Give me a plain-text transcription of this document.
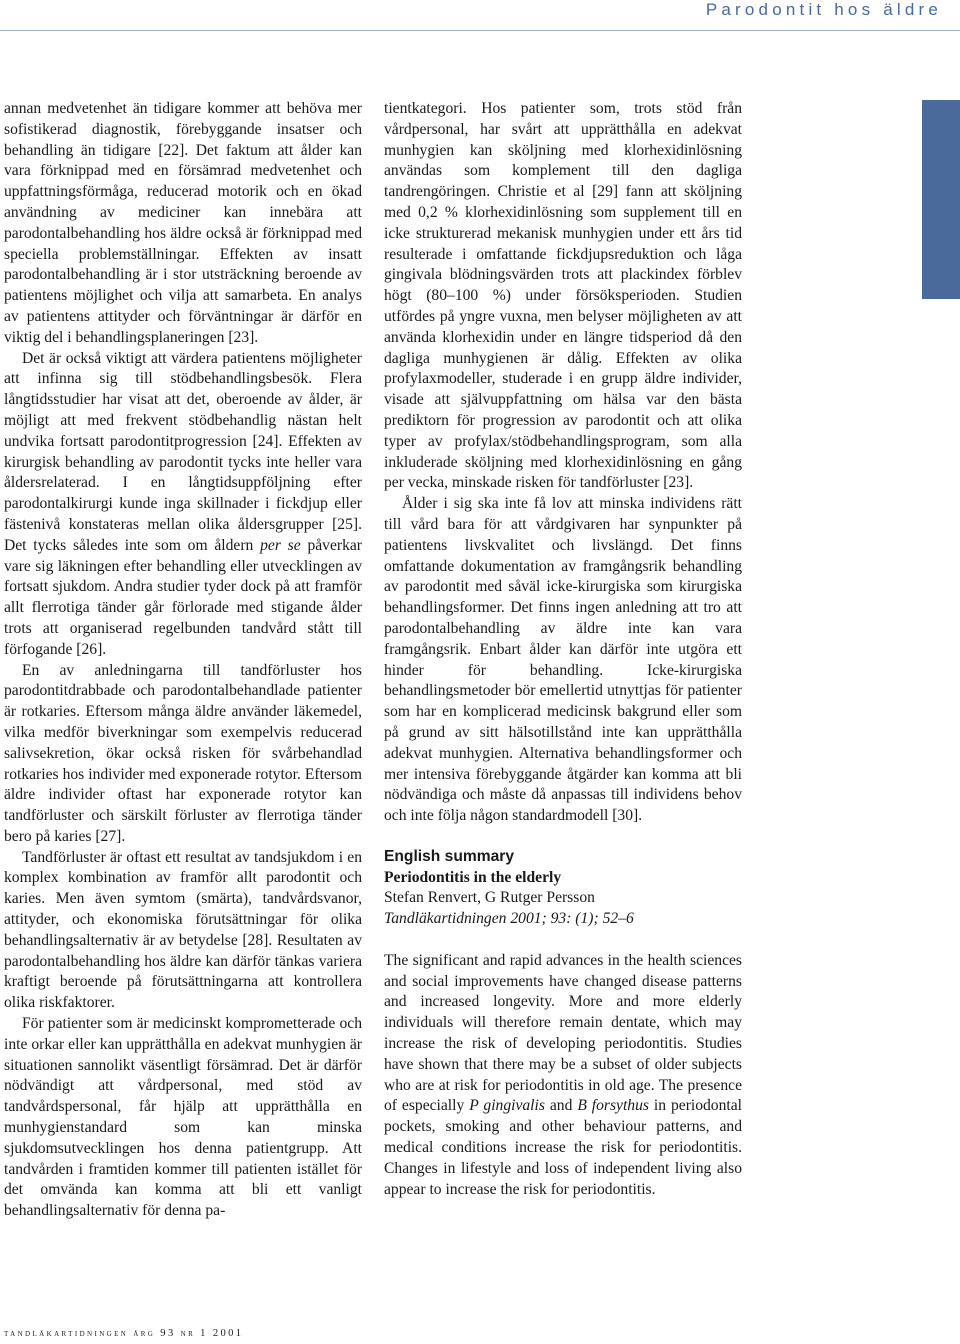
Parodontit hos äldre

annan medvetenhet än tidigare kommer att behöva mer sofistikerad diagnostik, förebyggande insatser och behandling än tidigare [22]. Det faktum att ålder kan vara förknippad med en försämrad medvetenhet och uppfattningsförmåga, reducerad motorik och en ökad användning av mediciner kan innebära att parodontalbehandling hos äldre också är förknippad med speciella problemställningar. Effekten av insatt parodontalbehandling är i stor utsträckning beroende av patientens möjlighet och vilja att samarbeta. En analys av patientens attityder och förväntningar är därför en viktig del i behandlingsplaneringen [23].

Det är också viktigt att värdera patientens möjligheter att infinna sig till stödbehandlingsbesök. Flera långtidsstudier har visat att det, oberoende av ålder, är möjligt att med frekvent stödbehandlig nästan helt undvika fortsatt parodontitprogression [24]. Effekten av kirurgisk behandling av parodontit tycks inte heller vara åldersrelaterad. I en långtidsuppföljning efter parodontalkirurgi kunde inga skillnader i fickdjup eller fästenivå konstateras mellan olika åldersgrupper [25]. Det tycks således inte som om åldern per se påverkar vare sig läkningen efter behandling eller utvecklingen av fortsatt sjukdom. Andra studier tyder dock på att framför allt flerrotiga tänder går förlorade med stigande ålder trots att organiserad regelbunden tandvård stått till förfogande [26].

En av anledningarna till tandförluster hos parodontitdrabbade och parodontalbehandlade patienter är rotkaries. Eftersom många äldre använder läkemedel, vilka medför biverkningar som exempelvis reducerad salivsekretion, ökar också risken för svårbehandlad rotkaries hos individer med exponerade rotytor. Eftersom äldre individer oftast har exponerade rotytor kan tandförluster och särskilt förluster av flerrotiga tänder bero på karies [27].

Tandförluster är oftast ett resultat av tandsjukdom i en komplex kombination av framför allt parodontit och karies. Men även symtom (smärta), tandvårdsvanor, attityder, och ekonomiska förutsättningar för olika behandlingsalternativ är av betydelse [28]. Resultaten av parodontalbehandling hos äldre kan därför tänkas variera kraftigt beroende på förutsättningarna att kontrollera olika riskfaktorer.

För patienter som är medicinskt komprometterade och inte orkar eller kan upprätthålla en adekvat munhygien är situationen sannolikt väsentligt försämrad. Det är därför nödvändigt att vårdpersonal, med stöd av tandvårdspersonal, får hjälp att upprätthålla en munhygienstandard som kan minska sjukdomsutvecklingen hos denna patientgrupp. Att tandvården i framtiden kommer till patienten istället för det omvända kan komma att bli ett vanligt behandlingsalternativ för denna pa-

tientkategori. Hos patienter som, trots stöd från vårdpersonal, har svårt att upprätthålla en adekvat munhygien kan sköljning med klorhexidinlösning användas som komplement till den dagliga tandrengöringen. Christie et al [29] fann att sköljning med 0,2 % klorhexidinlösning som supplement till en icke strukturerad mekanisk munhygien under ett års tid resulterade i omfattande fickdjupsreduktion och låga gingivala blödningsvärden trots att plackindex förblev högt (80–100 %) under försöksperioden. Studien utfördes på yngre vuxna, men belyser möjligheten av att använda klorhexidin under en längre tidsperiod då den dagliga munhygienen är dålig. Effekten av olika profylaxmodeller, studerade i en grupp äldre individer, visade att självuppfattning om hälsa var den bästa prediktorn för progression av parodontit och att olika typer av profylax/stödbehandlingsprogram, som alla inkluderade sköljning med klorhexidinlösning en gång per vecka, minskade risken för tandförluster [23].

Ålder i sig ska inte få lov att minska individens rätt till vård bara för att vårdgivaren har synpunkter på patientens livskvalitet och livslängd. Det finns omfattande dokumentation av framgångsrik behandling av parodontit med såväl icke-kirurgiska som kirurgiska behandlingsformer. Det finns ingen anledning att tro att parodontalbehandling av äldre inte kan vara framgångsrik. Enbart ålder kan därför inte utgöra ett hinder för behandling. Icke-kirurgiska behandlingsmetoder bör emellertid utnyttjas för patienter som har en komplicerad medicinsk bakgrund eller som på grund av sitt hälsotillstånd inte kan upprätthålla adekvat munhygien. Alternativa behandlingsformer och mer intensiva förebyggande åtgärder kan komma att bli nödvändiga och måste då anpassas till individens behov och inte följa någon standardmodell [30].

English summary

Periodontitis in the elderly

Stefan Renvert, G Rutger Persson

Tandläkartidningen 2001; 93: (1); 52–6

The significant and rapid advances in the health sciences and social improvements have changed disease patterns and increased longevity. More and more elderly individuals will therefore remain dentate, which may increase the risk of developing periodontitis. Studies have shown that there may be a subset of older subjects who are at risk for periodontitis in old age. The presence of especially P gingivalis and B forsythus in periodontal pockets, smoking and other behaviour patterns, and medical conditions increase the risk for periodontitis. Changes in lifestyle and loss of independent living also appear to increase the risk for periodontitis.

tandläkartidningen årg 93 nr 1 2001
